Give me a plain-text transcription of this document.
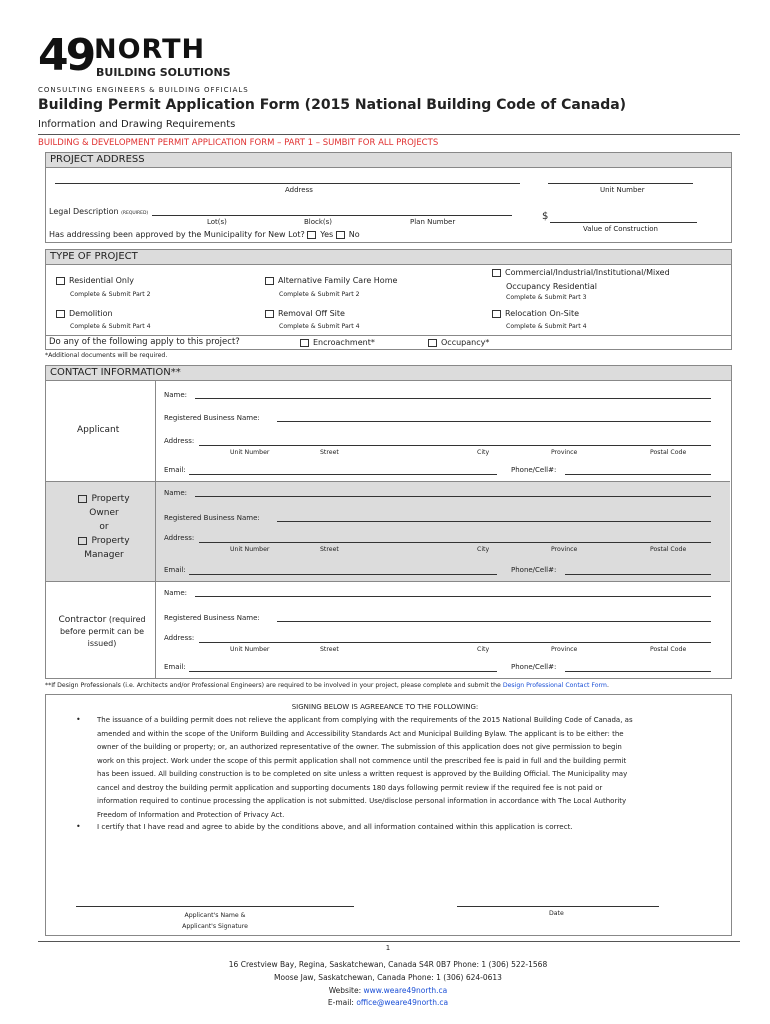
49 NORTH
BUILDING SOLUTIONS
CONSULTING ENGINEERS & BUILDING OFFICIALS
Building Permit Application Form (2015 National Building Code of Canada)
Information and Drawing Requirements
BUILDING & DEVELOPMENT PERMIT APPLICATION FORM – PART 1 – SUMBIT FOR ALL PROJECTS
PROJECT ADDRESS
Address	Unit Number
Legal Description (REQUIRED)
Lot(s)	Block(s)	Plan Number	$
Value of Construction
Has addressing been approved by the Municipality for New Lot? Yes No
TYPE OF PROJECT
Residential Only
Complete & Submit Part 2
Alternative Family Care Home
Complete & Submit Part 2
Commercial/Industrial/Institutional/Mixed
Occupancy Residential
Complete & Submit Part 3
Demolition
Complete & Submit Part 4
Removal Off Site
Complete & Submit Part 4
Relocation On-Site
Complete & Submit Part 4
Do any of the following apply to this project?	Encroachment*	Occupancy*
*Additional documents will be required.
CONTACT INFORMATION**
Applicant
Name:
Registered Business Name:
Address:
Unit Number	Street	City	Province	Postal Code
Email:	Phone/Cell#:
Property
Owner
or
Property
Manager
Name:
Registered Business Name:
Address:
Unit Number	Street	City	Province	Postal Code
Email:	Phone/Cell#:
Contractor (required
before permit can be
issued)
Name:
Registered Business Name:
Address:
Unit Number	Street	City	Province	Postal Code
Email:	Phone/Cell#:
**If Design Professionals (i.e. Architects and/or Professional Engineers) are required to be involved in your project, please complete and submit the Design Professional Contact Form.
SIGNING BELOW IS AGREEANCE TO THE FOLLOWING:
• The issuance of a building permit does not relieve the applicant from complying with the requirements of the 2015 National Building Code of Canada, as
amended and within the scope of the Uniform Building and Accessibility Standards Act and Municipal Building Bylaw. The applicant is to be either: the
owner of the building or property; or, an authorized representative of the owner. The submission of this application does not give permission to begin
work on this project. Work under the scope of this permit application shall not commence until the prescribed fee is paid in full and the building permit
has been issued. All building construction is to be completed on site unless a written request is approved by the Building Official. The Municipality may
cancel and destroy the building permit application and supporting documents 180 days following permit review if the required fee is not paid or
information required to continue processing the application is not submitted. Use/disclose personal information in accordance with The Local Authority
Freedom of Information and Protection of Privacy Act.
• I certify that I have read and agree to abide by the conditions above, and all information contained within this application is correct.
Applicant's Name &
Applicant's Signature
Date
1
16 Crestview Bay, Regina, Saskatchewan, Canada S4R 0B7 Phone: 1 (306) 522-1568
Moose Jaw, Saskatchewan, Canada Phone: 1 (306) 624-0613
Website: www.weare49north.ca
E-mail: office@weare49north.ca
